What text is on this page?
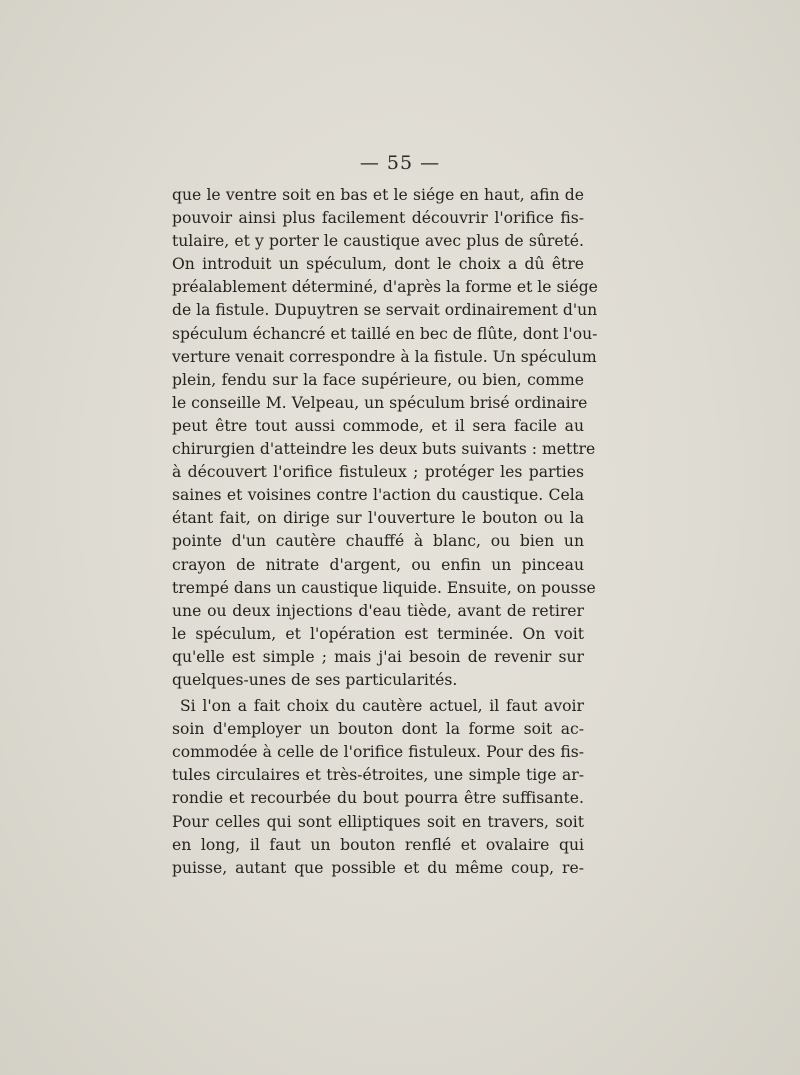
— 55 —
que le ventre soit en bas et le siége en haut, afin de
pouvoir ainsi plus facilement découvrir l'orifice fis-
tulaire, et y porter le caustique avec plus de sûreté.
On introduit un spéculum, dont le choix a dû être
préalablement déterminé, d'après la forme et le siége
de la fistule. Dupuytren se servait ordinairement d'un
spéculum échancré et taillé en bec de flûte, dont l'ou-
verture venait correspondre à la fistule. Un spéculum
plein, fendu sur la face supérieure, ou bien, comme
le conseille M. Velpeau, un spéculum brisé ordinaire
peut être tout aussi commode, et il sera facile au
chirurgien d'atteindre les deux buts suivants : mettre
à découvert l'orifice fistuleux ; protéger les parties
saines et voisines contre l'action du caustique. Cela
étant fait, on dirige sur l'ouverture le bouton ou la
pointe d'un cautère chauffé à blanc, ou bien un
crayon de nitrate d'argent, ou enfin un pinceau
trempé dans un caustique liquide. Ensuite, on pousse
une ou deux injections d'eau tiède, avant de retirer
le spéculum, et l'opération est terminée. On voit
qu'elle est simple ; mais j'ai besoin de revenir sur
quelques-unes de ses particularités.
Si l'on a fait choix du cautère actuel, il faut avoir
soin d'employer un bouton dont la forme soit ac-
commodée à celle de l'orifice fistuleux. Pour des fis-
tules circulaires et très-étroites, une simple tige ar-
rondie et recourbée du bout pourra être suffisante.
Pour celles qui sont elliptiques soit en travers, soit
en long, il faut un bouton renflé et ovalaire qui
puisse, autant que possible et du même coup, re-
